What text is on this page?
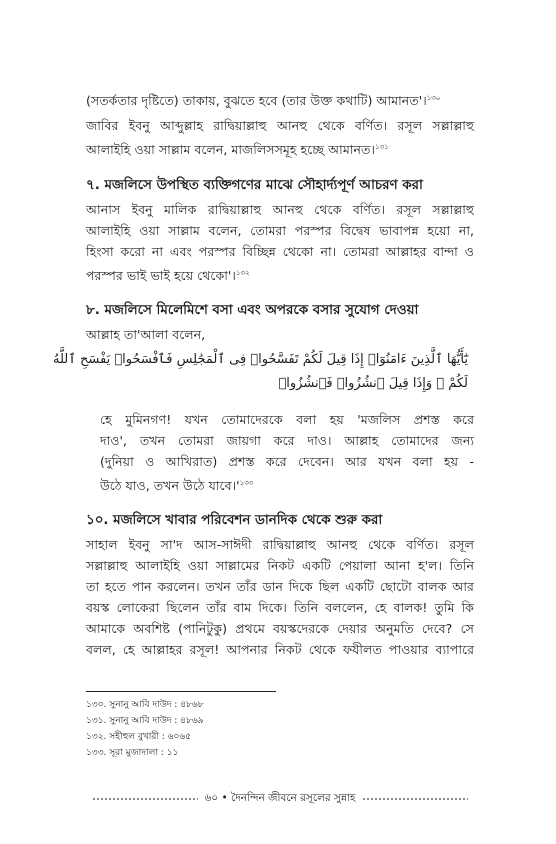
(সতর্কতার দৃষ্টিতে) তাকায়, বুঝতে হবে (তার উক্ত কথাটি) আমানত'।$^{১৩০}$
জাবির ইবনু আব্দুল্লাহ রাদ্বিয়াল্লাহু আনহু থেকে বর্ণিত। রসূল সল্লাল্লাহু
আলাইহি ওয়া সাল্লাম বলেন, মাজলিসসমূহ হচ্ছে আমানত।$^{১৩১}$
৭. মজলিসে উপস্থিত ব্যক্তিগণের মাঝে সৌহার্দ্যপূর্ণ আচরণ করা
আনাস ইবনু মালিক রাদ্বিয়াল্লাহু আনহু থেকে বর্ণিত। রসূল সল্লাল্লাহু
আলাইহি ওয়া সাল্লাম বলেন, তোমরা পরস্পর বিদ্বেষ ভাবাপন্ন হয়ো না,
হিংসা করো না এবং পরস্পর বিচ্ছিন্ন থেকো না। তোমরা আল্লাহর বান্দা ও
পরস্পর ভাই ভাই হয়ে থেকো'।$^{১৩২}$
৮. মজলিসে মিলেমিশে বসা এবং অপরকে বসার সুযোগ দেওয়া
আল্লাহ তা'আলা বলেন,
يَٰٓأَيُّهَا ٱلَّذِينَ ءَامَنُوٓا۟ إِذَا قِيلَ لَكُمْ تَفَسَّحُوا۟ فِى ٱلْمَجَٰلِسِ فَٱفْسَحُوا۟ يَفْسَحِ ٱللَّهُ
لَكُمْ ۖ وَإِذَا قِيلَ ٱنشُزُوا۟ فَٱنشُزُوا۟
হে মুমিনগণ! যখন তোমাদেরকে বলা হয় 'মজলিস প্রশস্ত করে
দাও', তখন তোমরা জায়গা করে দাও। আল্লাহ তোমাদের জন্য
(দুনিয়া ও আখিরাত) প্রশস্ত করে দেবেন। আর যখন বলা হয় -
উঠে যাও, তখন উঠে $যাবে।'^{১৩৩}$
১০. মজলিসে খাবার পরিবেশন ডানদিক থেকে শুরু করা
সাহাল ইবনু সা'দ আস-সাঈদী রাদ্বিয়াল্লাহু আনহু থেকে বর্ণিত। রসূল
সল্লাল্লাহু আলাইহি ওয়া সাল্লামের নিকট একটি পেয়ালা আনা হ'ল। তিনি
তা হতে পান করলেন। তখন তাঁর ডান দিকে ছিল একটি ছোটো বালক আর
বয়স্ক লোকেরা ছিলেন তাঁর বাম দিকে। তিনি বললেন, হে বালক! তুমি কি
আমাকে অবশিষ্ট (পানিটুকু) প্রথমে বয়স্কদেরকে দেয়ার অনুমতি দেবে? সে
বলল, হে আল্লাহর রসূল! আপনার নিকট থেকে ফযীলত পাওয়ার ব্যাপারে
১৩০. সুনানু আবি দাউদ : ৪৮৬৮
১৩১. সুনানু আবি দাউদ : ৪৮৬৯
১৩২. সহীহুল বুখারী : ৬০৬৫
১৩৩. সূরা মুজাদালা : ১১
৬০ • দৈনন্দিন জীবনে রসূলের সুন্নাহ
